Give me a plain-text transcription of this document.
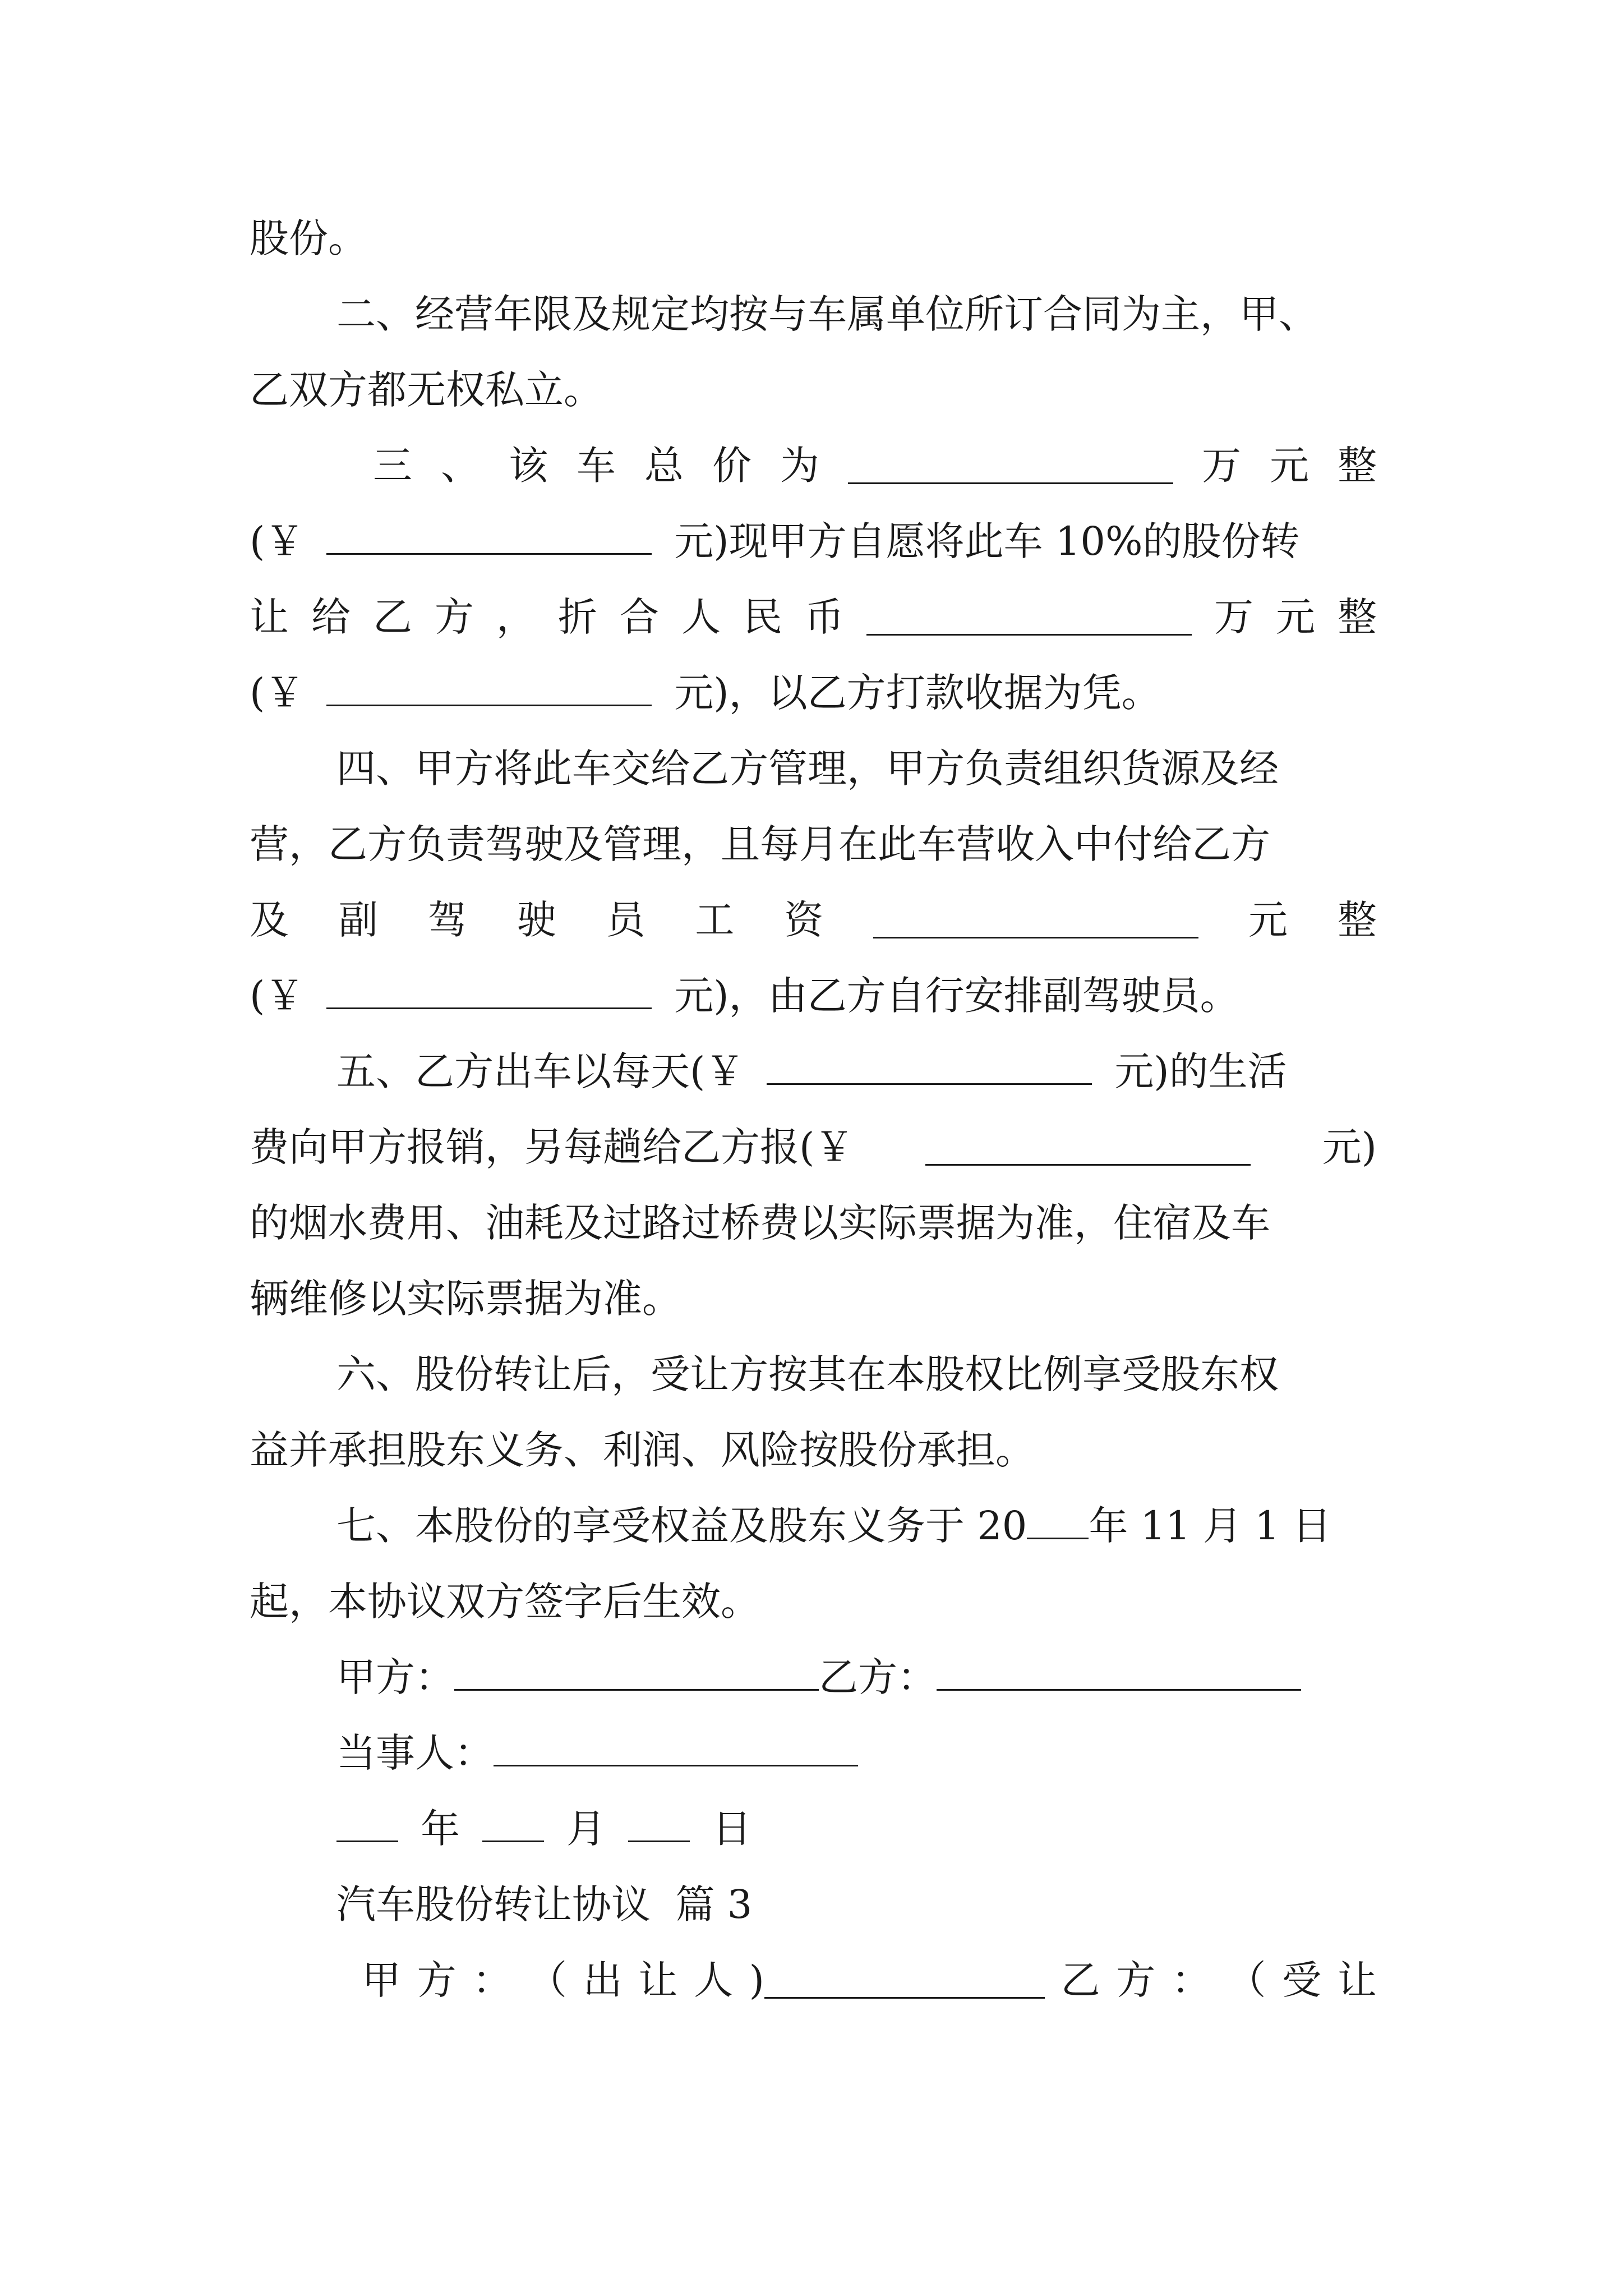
股份。
二、经营年限及规定均按与车属单位所订合同为主，甲、
乙双方都无权私立。
三 、 该 车 总 价 为	万 元 整
(￥	元)现甲方自愿将此车 10%的股份转
让 给 乙 方 ， 折 合 人 民 币	万 元 整
(￥	元)，以乙方打款收据为凭。
四、甲方将此车交给乙方管理，甲方负责组织货源及经
营，乙方负责驾驶及管理，且每月在此车营收入中付给乙方
及 副 驾 驶 员 工 资	元 整
(￥	元)，由乙方自行安排副驾驶员。
五、乙方出车以每天(￥	元)的生活
费向甲方报销，另每趟给乙方报(￥	元)
的烟水费用、油耗及过路过桥费以实际票据为准，住宿及车
辆维修以实际票据为准。
六、股份转让后，受让方按其在本股权比例享受股东权
益并承担股东义务、利润、风险按股份承担。
七、本股份的享受权益及股东义务于 20 年 11 月 1 日
起，本协议双方签字后生效。
甲方：	乙方：
当事人：
年	月	日
汽车股份转让协议  篇 3
甲 方 ： （ 出 让 人 )	乙 方 ： （ 受 让
